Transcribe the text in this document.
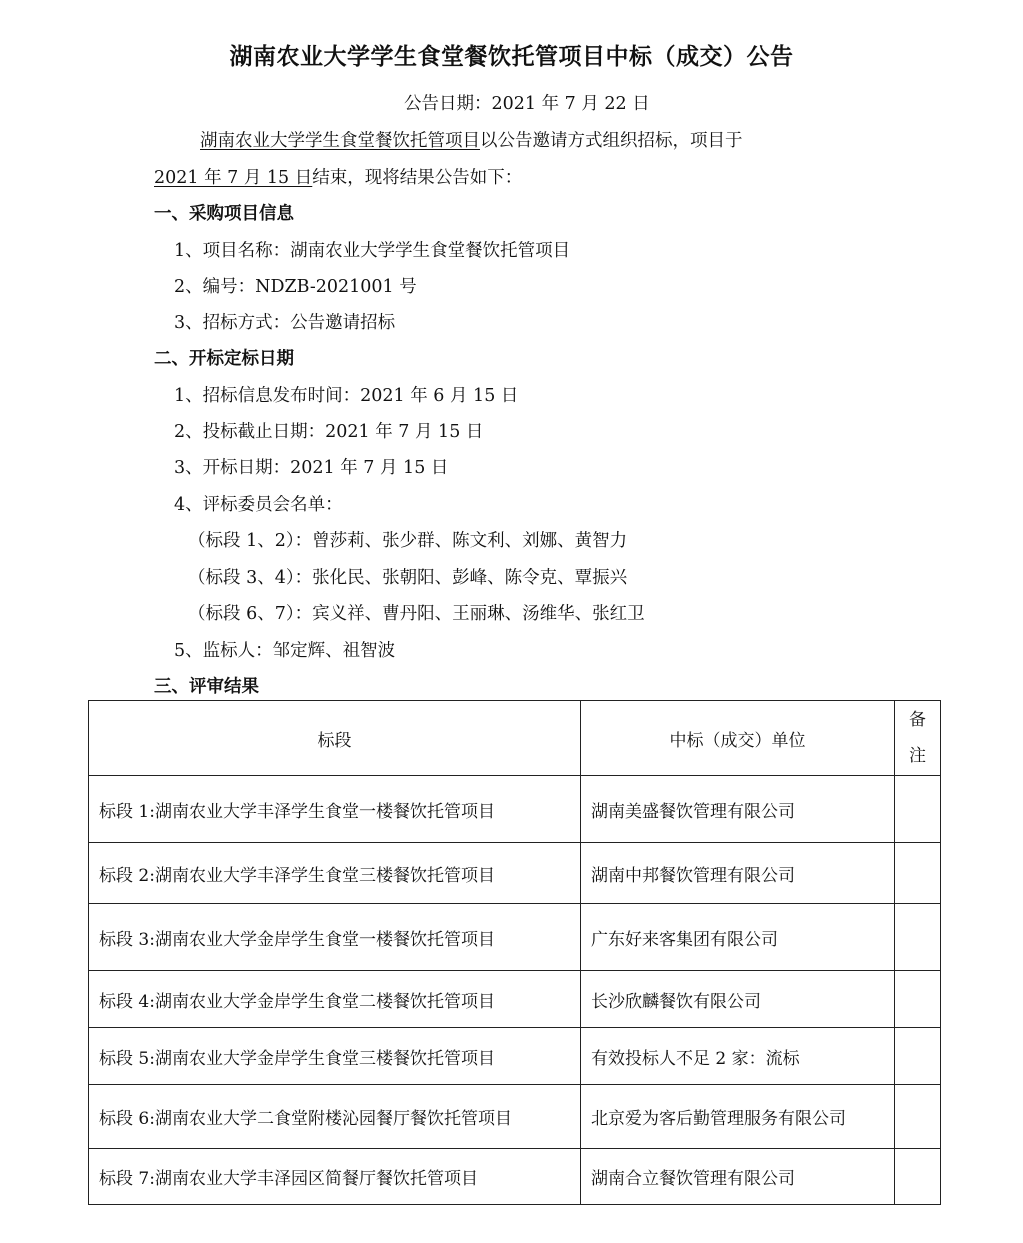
湖南农业大学学生食堂餐饮托管项目中标（成交）公告
公告日期：2021 年 7 月 22 日
湖南农业大学学生食堂餐饮托管项目以公告邀请方式组织招标，项目于
2021 年 7 月 15 日结束，现将结果公告如下：
一、采购项目信息
1、项目名称：湖南农业大学学生食堂餐饮托管项目
2、编号：NDZB-2021001 号
3、招标方式：公告邀请招标
二、开标定标日期
1、招标信息发布时间：2021 年 6 月 15 日
2、投标截止日期：2021 年 7 月 15 日
3、开标日期：2021 年 7 月 15 日
4、评标委员会名单：
（标段 1、2）：曾莎莉、张少群、陈文利、刘娜、黄智力
（标段 3、4）：张化民、张朝阳、彭峰、陈令克、覃振兴
（标段 6、7）：宾义祥、曹丹阳、王丽琳、汤维华、张红卫
5、监标人：邹定辉、祖智波
三、评审结果
标段	中标（成交）单位	备
注

标段 1:湖南农业大学丰泽学生食堂一楼餐饮托管项目	湖南美盛餐饮管理有限公司	
标段 2:湖南农业大学丰泽学生食堂三楼餐饮托管项目	湖南中邦餐饮管理有限公司	
标段 3:湖南农业大学金岸学生食堂一楼餐饮托管项目	广东好来客集团有限公司	
标段 4:湖南农业大学金岸学生食堂二楼餐饮托管项目	长沙欣麟餐饮有限公司	
标段 5:湖南农业大学金岸学生食堂三楼餐饮托管项目	有效投标人不足 2 家：流标	
标段 6:湖南农业大学二食堂附楼沁园餐厅餐饮托管项目	北京爱为客后勤管理服务有限公司	
标段 7:湖南农业大学丰泽园区简餐厅餐饮托管项目	湖南合立餐饮管理有限公司	
